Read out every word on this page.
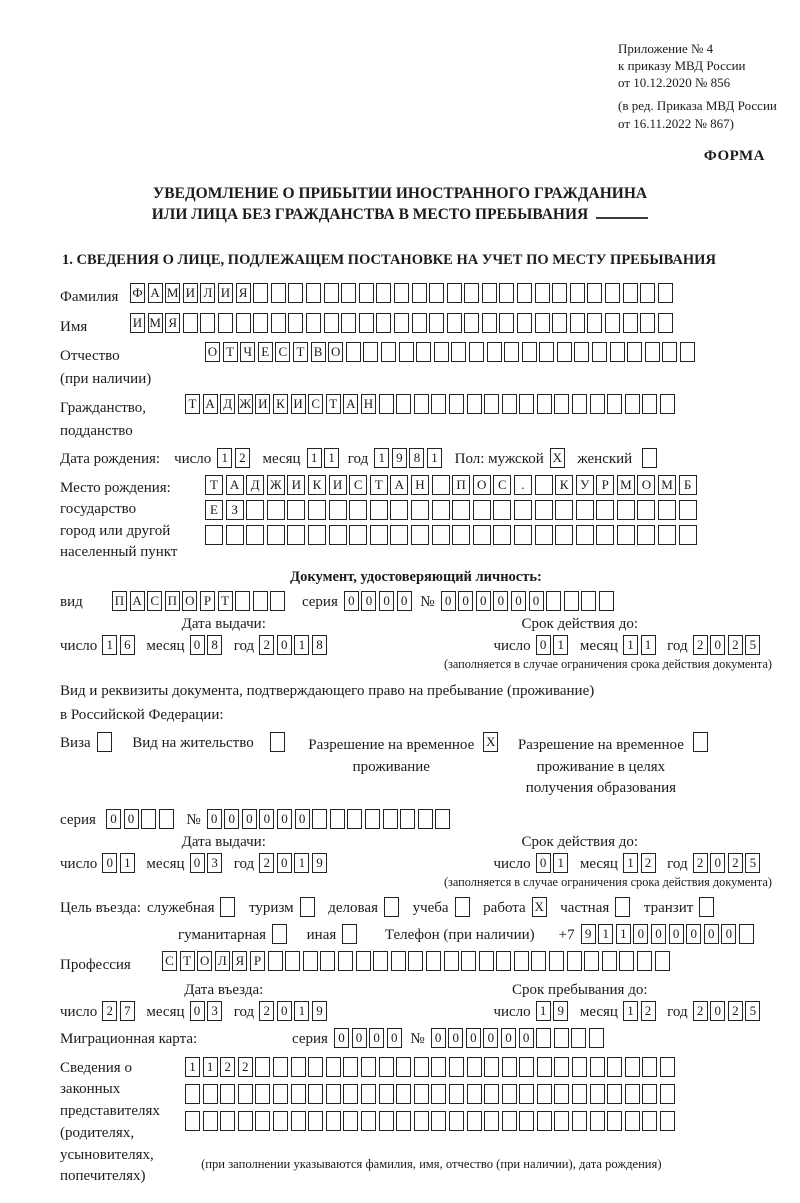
Приложение № 4
к приказу МВД России
от 10.12.2020 № 856
(в ред. Приказа МВД России
от 16.11.2022 № 867)
ФОРМА
УВЕДОМЛЕНИЕ О ПРИБЫТИИ ИНОСТРАННОГО ГРАЖДАНИНА
ИЛИ ЛИЦА БЕЗ ГРАЖДАНСТВА В МЕСТО ПРЕБЫВАНИЯ
1. СВЕДЕНИЯ О ЛИЦЕ, ПОДЛЕЖАЩЕМ ПОСТАНОВКЕ НА УЧЕТ ПО МЕСТУ ПРЕБЫВАНИЯ
Фамилия	Ф А М И Л И Я
Имя	И М Я
Отчество
(при наличии)
О Т Ч Е С Т В О
Гражданство,
подданство
Т А Д Ж И К И С Т А Н
Дата рождения: число 1 2 месяц 1 1 год 1 9 8 1 Пол: мужской X женский
Место рождения:
государство
город или другой
населенный пункт
Т А Д Ж И К И С Т А Н	П О С	.	К У Р М О М Б
Е	З
Документ, удостоверяющий личность:
вид	П А С П О Р Т	серия 0 0 0 0 № 0 0 0 0 0 0
Дата выдачи:	Срок действия до:
число 1 6 месяц 0 8 год 2 0 1 8	число 0 1 месяц 1 1 год 2 0 2 5
(заполняется в случае ограничения срока действия документа)
Вид и реквизиты документа, подтверждающего право на пребывание (проживание)
в Российской Федерации:
Виза	Вид на жительство	Разрешение на временное проживание
X Разрешение на временное проживание в целях получения образования
серия	0 0	№ 0 0 0 0 0 0
Дата выдачи:	Срок действия до:
число 0 1 месяц 0 3 год 2 0 1 9	число 0 1 месяц 1 2 год 2 0 2 5
(заполняется в случае ограничения срока действия документа)
Цель въезда: служебная туризм деловая учеба работа X частная транзит
гуманитарная	иная	Телефон (при наличии) +7 9 1 1 0 0 0 0 0 0
Профессия	С Т О Л Я Р
Дата въезда:	Срок пребывания до:
число 2 7 месяц 0 3 год 2 0 1 9	число 1 9 месяц 1 2 год 2 0 2 5
Миграционная карта:	серия 0 0 0 0 № 0 0 0 0 0 0
Сведения о
законных
представителях
(родителях,
усыновителях,
попечителях)
1 1 2 2
(при заполнении указываются фамилия, имя, отчество (при наличии), дата рождения)
